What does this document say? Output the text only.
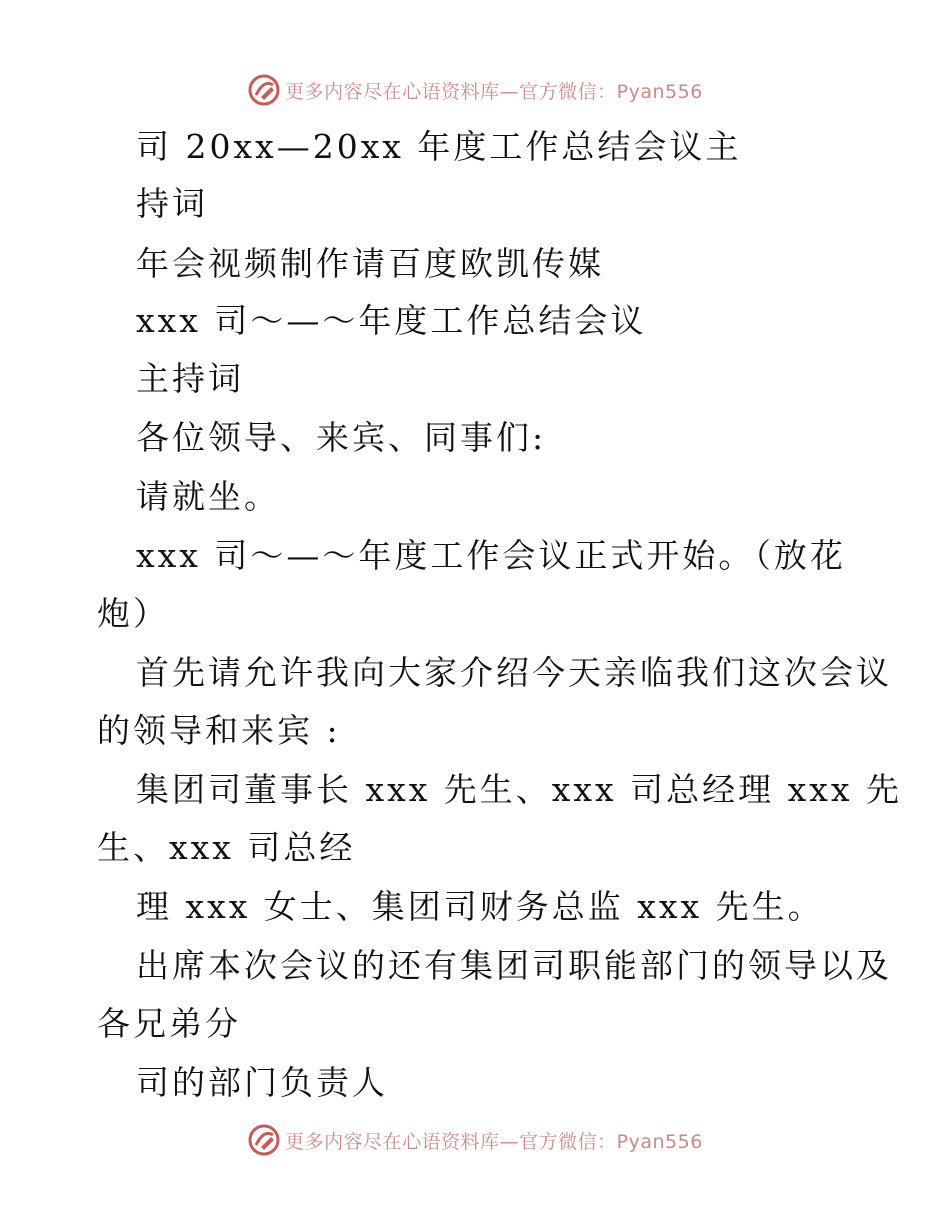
更多内容尽在心语资料库—官方微信：Pyan556
司 20xx—20xx 年度工作总结会议主
持词
年会视频制作请百度欧凯传媒
xxx 司～—～年度工作总结会议
主持词
各位领导、来宾、同事们:
请就坐。
xxx 司～—～年度工作会议正式开始。（放花
炮）
首先请允许我向大家介绍今天亲临我们这次会议
的领导和来宾 :
集团司董事长 xxx 先生、xxx 司总经理 xxx 先
生、xxx 司总经
理 xxx 女士、集团司财务总监 xxx 先生。
出席本次会议的还有集团司职能部门的领导以及
各兄弟分
司的部门负责人
更多内容尽在心语资料库—官方微信：Pyan556
